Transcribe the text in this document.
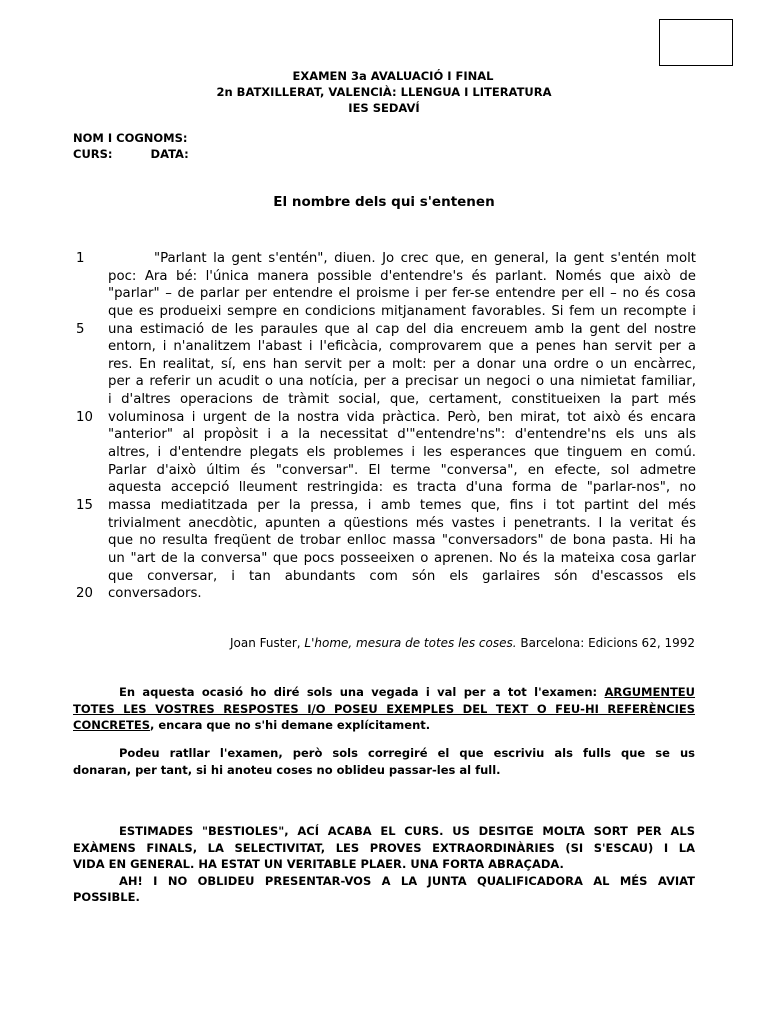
EXAMEN 3a AVALUACIÓ I FINAL
2n BATXILLERAT, VALENCIÀ: LLENGUA I LITERATURA
IES SEDAVÍ
NOM I COGNOMS:
CURS:	DATA:
El nombre dels qui s'entenen
1	"Parlant la gent s'entén", diuen. Jo crec que, en general, la gent s'entén molt
poc: Ara bé: l'única manera possible d'entendre's és parlant. Només que això de
"parlar" – de parlar per entendre el proisme i per fer-se entendre per ell – no és cosa
que es produeixi sempre en condicions mitjanament favorables. Si fem un recompte i
5	una estimació de les paraules que al cap del dia encreuem amb la gent del nostre
entorn, i n'analitzem l'abast i l'eficàcia, comprovarem que a penes han servit per a
res. En realitat, sí, ens han servit per a molt: per a donar una ordre o un encàrrec,
per a referir un acudit o una notícia, per a precisar un negoci o una nimietat familiar,
i d'altres operacions de tràmit social, que, certament, constitueixen la part més
10	voluminosa i urgent de la nostra vida pràctica. Però, ben mirat, tot això és encara
"anterior" al propòsit i a la necessitat d'"entendre'ns": d'entendre'ns els uns als
altres, i d'entendre plegats els problemes i les esperances que tinguem en comú.
Parlar d'això últim és "conversar". El terme "conversa", en efecte, sol admetre
aquesta accepció lleument restringida: es tracta d'una forma de "parlar-nos", no
15	massa mediatitzada per la pressa, i amb temes que, fins i tot partint del més
trivialment anecdòtic, apunten a qüestions més vastes i penetrants. I la veritat és
que no resulta freqüent de trobar enlloc massa "conversadors" de bona pasta. Hi ha
un "art de la conversa" que pocs posseeixen o aprenen. No és la mateixa cosa garlar
que conversar, i tan abundants com són els garlaires són d'escassos els
20	conversadors.
Joan Fuster, L'home, mesura de totes les coses. Barcelona: Edicions 62, 1992
En aquesta ocasió ho diré sols una vegada i val per a tot l'examen: ARGUMENTEU
TOTES LES VOSTRES RESPOSTES I/O POSEU EXEMPLES DEL TEXT O FEU-HI REFERÈNCIES
CONCRETES, encara que no s'hi demane explícitament.
Podeu ratllar l'examen, però sols corregiré el que escriviu als fulls que se us
donaran, per tant, si hi anoteu coses no oblideu passar-les al full.
ESTIMADES "BESTIOLES", ACÍ ACABA EL CURS. US DESITGE MOLTA SORT PER ALS
EXÀMENS FINALS, LA SELECTIVITAT, LES PROVES EXTRAORDINÀRIES (SI S'ESCAU) I LA
VIDA EN GENERAL. HA ESTAT UN VERITABLE PLAER. UNA FORTA ABRAÇADA.
AH! I NO OBLIDEU PRESENTAR-VOS A LA JUNTA QUALIFICADORA AL MÉS AVIAT
POSSIBLE.
